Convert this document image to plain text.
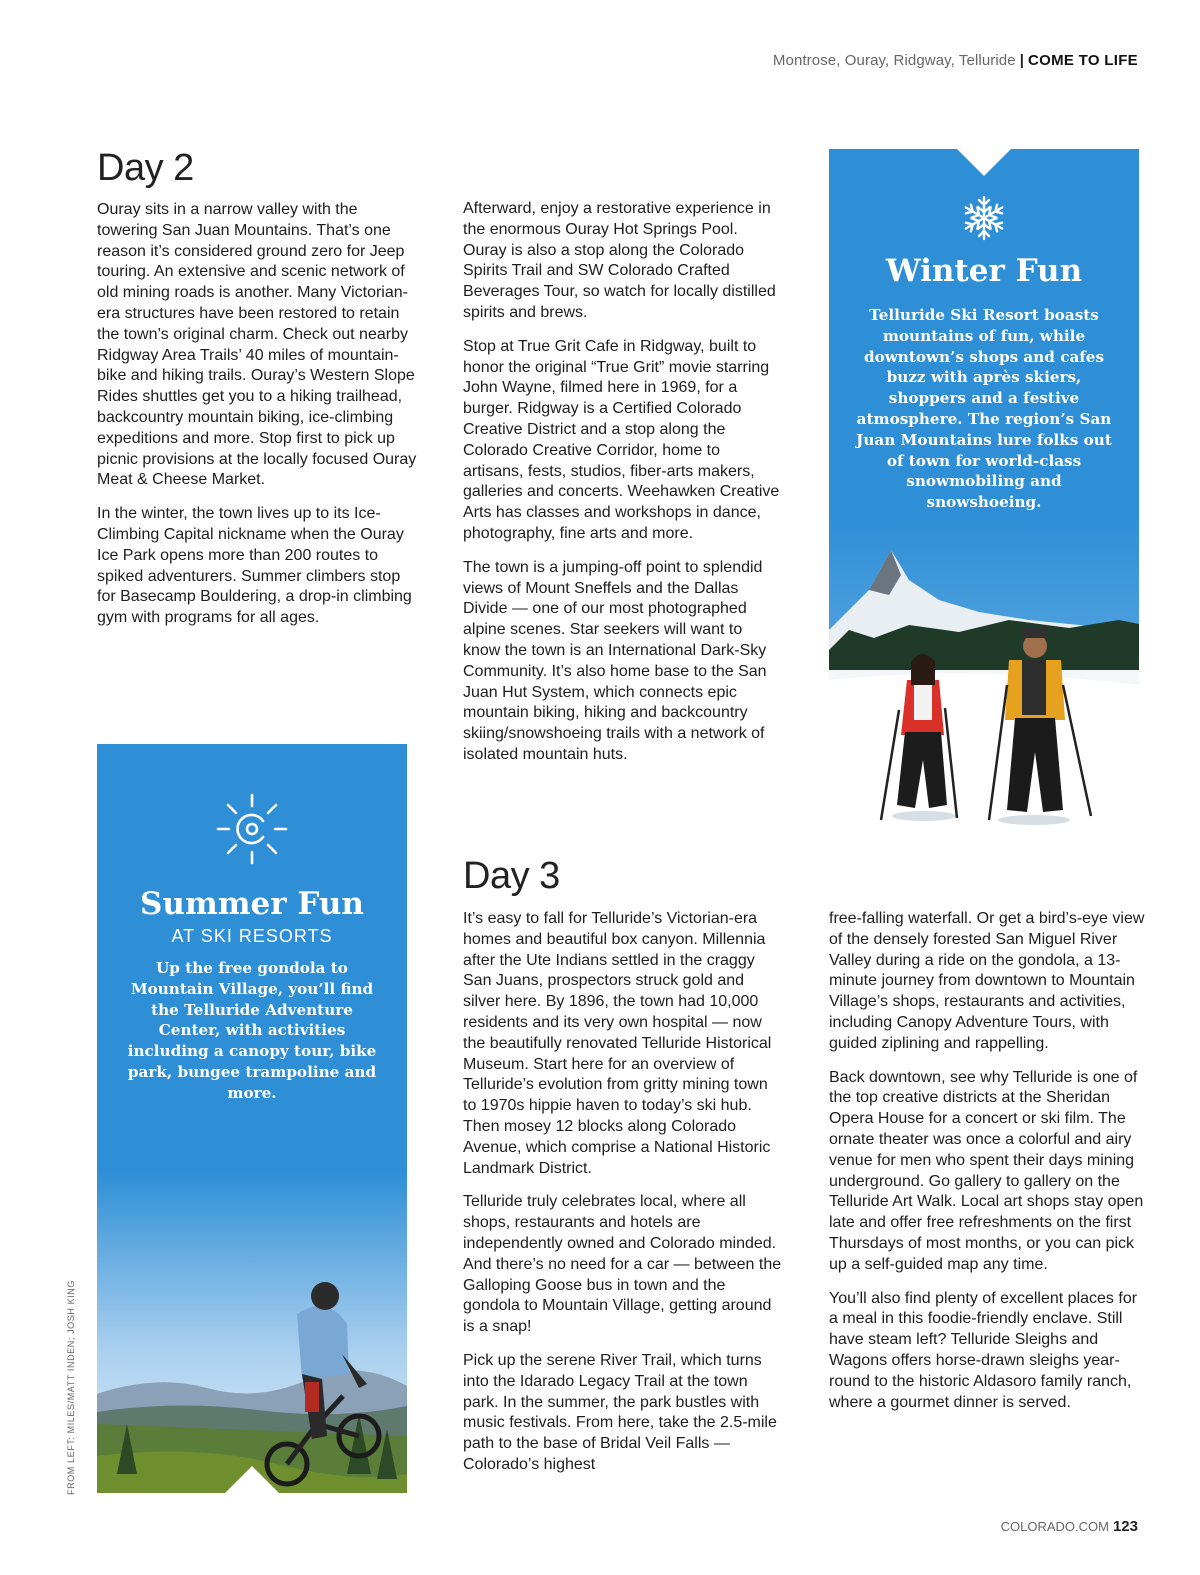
Montrose, Ouray, Ridgway, Telluride | COME TO LIFE
Day 2

Ouray sits in a narrow valley with the towering San Juan Mountains. That’s one reason it’s considered ground zero for Jeep touring. An extensive and scenic network of old mining roads is another. Many Victorian-era structures have been restored to retain the town’s original charm. Check out nearby Ridgway Area Trails’ 40 miles of mountain-bike and hiking trails. Ouray’s Western Slope Rides shuttles get you to a hiking trailhead, backcountry mountain biking, ice-climbing expeditions and more. Stop first to pick up picnic provisions at the locally focused Ouray Meat & Cheese Market.

In the winter, the town lives up to its Ice-Climbing Capital nickname when the Ouray Ice Park opens more than 200 routes to spiked adventurers. Summer climbers stop for Basecamp Bouldering, a drop-in climbing gym with programs for all ages.

Afterward, enjoy a restorative experience in the enormous Ouray Hot Springs Pool. Ouray is also a stop along the Colorado Spirits Trail and SW Colorado Crafted Beverages Tour, so watch for locally distilled spirits and brews.

Stop at True Grit Cafe in Ridgway, built to honor the original “True Grit” movie starring John Wayne, filmed here in 1969, for a burger. Ridgway is a Certified Colorado Creative District and a stop along the Colorado Creative Corridor, home to artisans, fests, studios, fiber-arts makers, galleries and concerts. Weehawken Creative Arts has classes and workshops in dance, photography, fine arts and more.

The town is a jumping-off point to splendid views of Mount Sneffels and the Dallas Divide — one of our most photographed alpine scenes. Star seekers will want to know the town is an International Dark-Sky Community. It’s also home base to the San Juan Hut System, which connects epic mountain biking, hiking and backcountry skiing/snowshoeing trails with a network of isolated mountain huts.

Day 3

It’s easy to fall for Telluride’s Victorian-era homes and beautiful box canyon. Millennia after the Ute Indians settled in the craggy San Juans, prospectors struck gold and silver here. By 1896, the town had 10,000 residents and its very own hospital — now the beautifully renovated Telluride Historical Museum. Start here for an overview of Telluride’s evolution from gritty mining town to 1970s hippie haven to today’s ski hub. Then mosey 12 blocks along Colorado Avenue, which comprise a National Historic Landmark District.

Telluride truly celebrates local, where all shops, restaurants and hotels are independently owned and Colorado minded. And there’s no need for a car — between the Galloping Goose bus in town and the gondola to Mountain Village, getting around is a snap!

Pick up the serene River Trail, which turns into the Idarado Legacy Trail at the town park. In the summer, the park bustles with music festivals. From here, take the 2.5-mile path to the base of Bridal Veil Falls — Colorado’s highest

free-falling waterfall. Or get a bird’s-eye view of the densely forested San Miguel River Valley during a ride on the gondola, a 13-minute journey from downtown to Mountain Village’s shops, restaurants and activities, including Canopy Adventure Tours, with guided ziplining and rappelling.

Back downtown, see why Telluride is one of the top creative districts at the Sheridan Opera House for a concert or ski film. The ornate theater was once a colorful and airy venue for men who spent their days mining underground. Go gallery to gallery on the Telluride Art Walk. Local art shops stay open late and offer free refreshments on the first Thursdays of most months, or you can pick up a self-guided map any time.

You’ll also find plenty of excellent places for a meal in this foodie-friendly enclave. Still have steam left? Telluride Sleighs and Wagons offers horse-drawn sleighs year-round to the historic Aldasoro family ranch, where a gourmet dinner is served.

Winter Fun
Telluride Ski Resort boasts mountains of fun, while downtown’s shops and cafes buzz with après skiers, shoppers and a festive atmosphere. The region’s San Juan Mountains lure folks out of town for world-class snowmobiling and snowshoeing.
Summer Fun
AT SKI RESORTS
Up the free gondola to Mountain Village, you’ll find the Telluride Adventure Center, with activities including a canopy tour, bike park, bungee trampoline and more.
FROM LEFT: MILES/MATT INDEN; JOSH KING
COLORADO.COM 123
